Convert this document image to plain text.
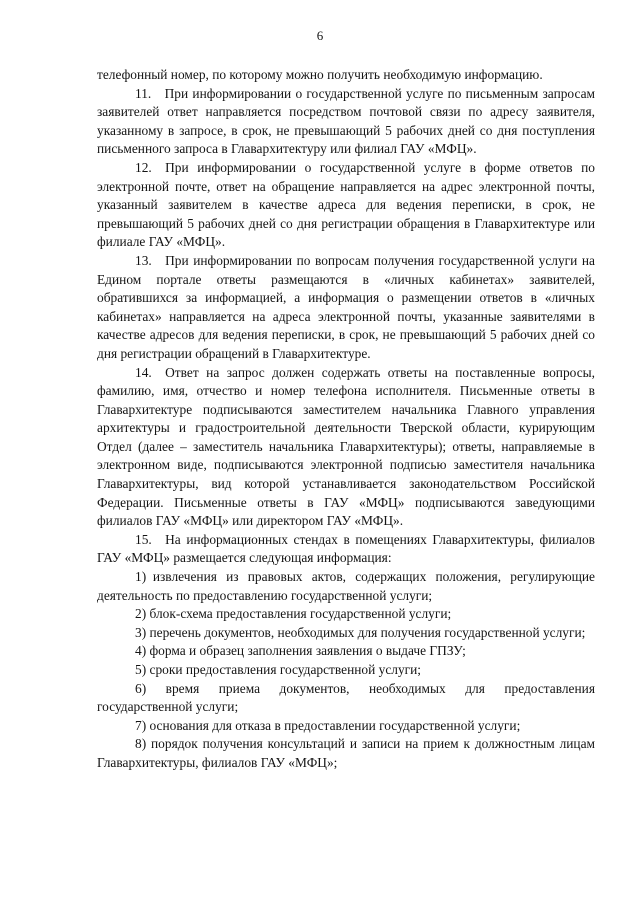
6

телефонный номер, по которому можно получить необходимую информацию.

11. При информировании о государственной услуге по письменным запросам заявителей ответ направляется посредством почтовой связи по адресу заявителя, указанному в запросе, в срок, не превышающий 5 рабочих дней со дня поступления письменного запроса в Главархитектуру или филиал ГАУ «МФЦ».

12. При информировании о государственной услуге в форме ответов по электронной почте, ответ на обращение направляется на адрес электронной почты, указанный заявителем в качестве адреса для ведения переписки, в срок, не превышающий 5 рабочих дней со дня регистрации обращения в Главархитектуре или филиале ГАУ «МФЦ».

13. При информировании по вопросам получения государственной услуги на Едином портале ответы размещаются в «личных кабинетах» заявителей, обратившихся за информацией, а информация о размещении ответов в «личных кабинетах» направляется на адреса электронной почты, указанные заявителями в качестве адресов для ведения переписки, в срок, не превышающий 5 рабочих дней со дня регистрации обращений в Главархитектуре.

14. Ответ на запрос должен содержать ответы на поставленные вопросы, фамилию, имя, отчество и номер телефона исполнителя. Письменные ответы в Главархитектуре подписываются заместителем начальника Главного управления архитектуры и градостроительной деятельности Тверской области, курирующим Отдел (далее – заместитель начальника Главархитектуры); ответы, направляемые в электронном виде, подписываются электронной подписью заместителя начальника Главархитектуры, вид которой устанавливается законодательством Российской Федерации. Письменные ответы в ГАУ «МФЦ» подписываются заведующими филиалов ГАУ «МФЦ» или директором ГАУ «МФЦ».

15. На информационных стендах в помещениях Главархитектуры, филиалов ГАУ «МФЦ» размещается следующая информация:

1) извлечения из правовых актов, содержащих положения, регулирующие деятельность по предоставлению государственной услуги;

2) блок-схема предоставления государственной услуги;

3) перечень документов, необходимых для получения государственной услуги;

4) форма и образец заполнения заявления о выдаче ГПЗУ;

5) сроки предоставления государственной услуги;

6) время приема документов, необходимых для предоставления государственной услуги;

7) основания для отказа в предоставлении государственной услуги;

8) порядок получения консультаций и записи на прием к должностным лицам Главархитектуры, филиалов ГАУ «МФЦ»;
